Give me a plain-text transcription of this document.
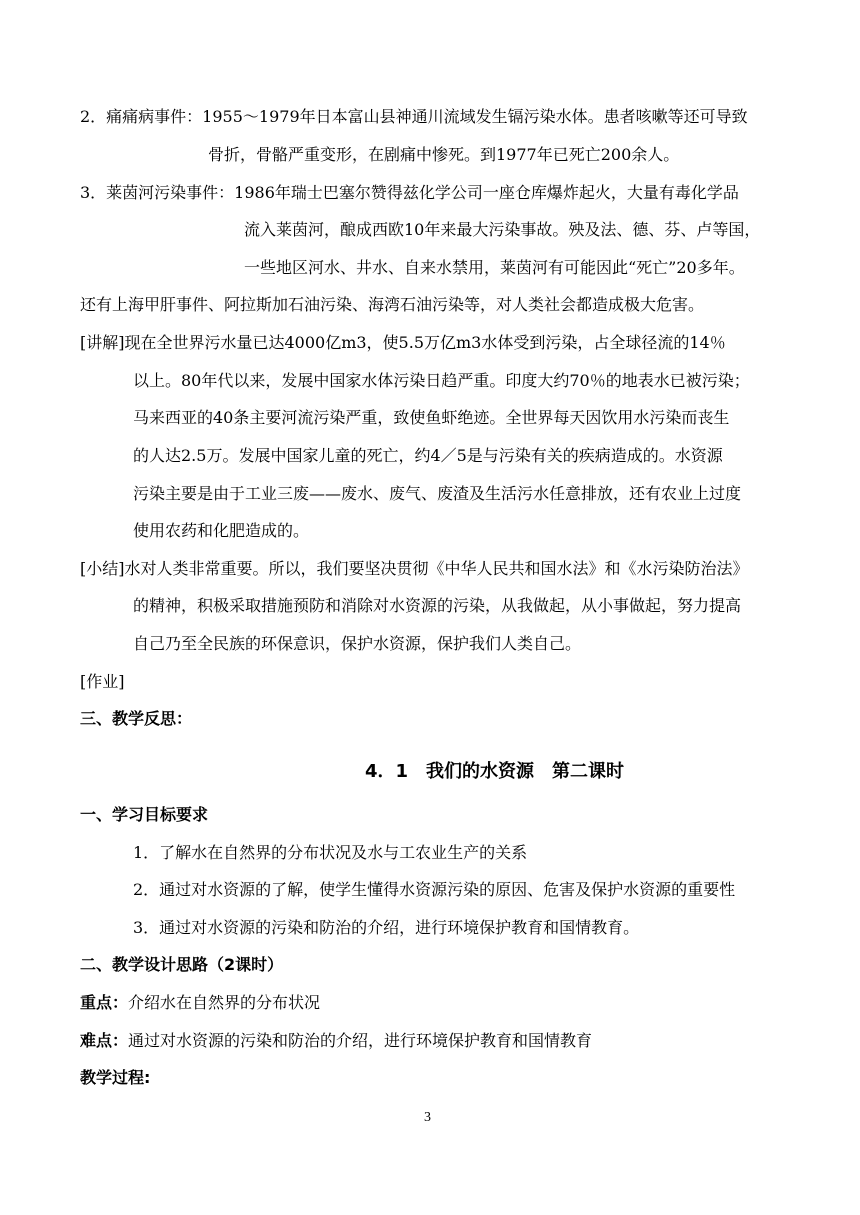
2．痛痛病事件：1955～1979年日本富山县神通川流域发生镉污染水体。患者咳嗽等还可导致
骨折，骨骼严重变形，在剧痛中惨死。到1977年已死亡200余人。
3．莱茵河污染事件：1986年瑞士巴塞尔赞得兹化学公司一座仓库爆炸起火，大量有毒化学品
流入莱茵河，酿成西欧10年来最大污染事故。殃及法、德、芬、卢等国，
一些地区河水、井水、自来水禁用，莱茵河有可能因此“死亡”20多年。
还有上海甲肝事件、阿拉斯加石油污染、海湾石油污染等，对人类社会都造成极大危害。
[讲解]现在全世界污水量已达4000亿m3，使5.5万亿m3水体受到污染，占全球径流的14％
以上。80年代以来，发展中国家水体污染日趋严重。印度大约70％的地表水已被污染；
马来西亚的40条主要河流污染严重，致使鱼虾绝迹。全世界每天因饮用水污染而丧生
的人达2.5万。发展中国家儿童的死亡，约4／5是与污染有关的疾病造成的。水资源
污染主要是由于工业三废——废水、废气、废渣及生活污水任意排放，还有农业上过度
使用农药和化肥造成的。
[小结]水对人类非常重要。所以，我们要坚决贯彻《中华人民共和国水法》和《水污染防治法》
的精神，积极采取措施预防和消除对水资源的污染，从我做起，从小事做起，努力提高
自己乃至全民族的环保意识，保护水资源，保护我们人类自己。
[作业]
三、教学反思：
4．1　我们的水资源　第二课时
一、学习目标要求
1．了解水在自然界的分布状况及水与工农业生产的关系
2．通过对水资源的了解，使学生懂得水资源污染的原因、危害及保护水资源的重要性
3．通过对水资源的污染和防治的介绍，进行环境保护教育和国情教育。
二、教学设计思路（2课时）
重点：介绍水在自然界的分布状况
难点：通过对水资源的污染和防治的介绍，进行环境保护教育和国情教育
教学过程:
3
